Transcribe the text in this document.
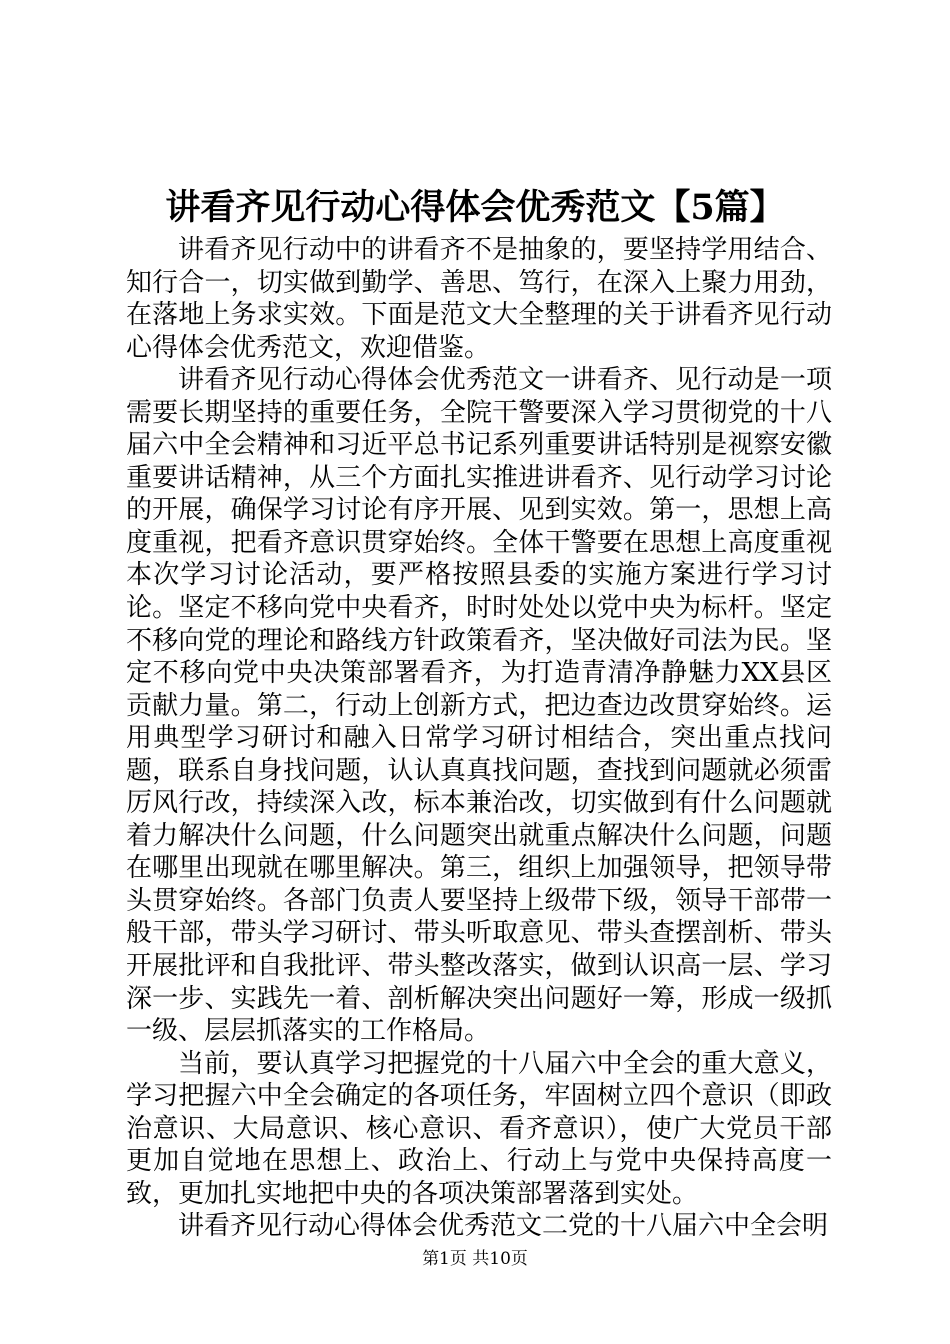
讲看齐见行动心得体会优秀范文【5篇】

讲看齐见行动中的讲看齐不是抽象的，要坚持学用结合、知行合一，切实做到勤学、善思、笃行，在深入上聚力用劲，在落地上务求实效。下面是范文大全整理的关于讲看齐见行动心得体会优秀范文，欢迎借鉴。

讲看齐见行动心得体会优秀范文一讲看齐、见行动是一项需要长期坚持的重要任务，全院干警要深入学习贯彻党的十八届六中全会精神和习近平总书记系列重要讲话特别是视察安徽重要讲话精神，从三个方面扎实推进讲看齐、见行动学习讨论的开展，确保学习讨论有序开展、见到实效。第一，思想上高度重视，把看齐意识贯穿始终。全体干警要在思想上高度重视本次学习讨论活动，要严格按照县委的实施方案进行学习讨论。坚定不移向党中央看齐，时时处处以党中央为标杆。坚定不移向党的理论和路线方针政策看齐，坚决做好司法为民。坚定不移向党中央决策部署看齐，为打造青清净静魅力XX县区贡献力量。第二，行动上创新方式，把边查边改贯穿始终。运用典型学习研讨和融入日常学习研讨相结合，突出重点找问题，联系自身找问题，认认真真找问题，查找到问题就必须雷厉风行改，持续深入改，标本兼治改，切实做到有什么问题就着力解决什么问题，什么问题突出就重点解决什么问题，问题在哪里出现就在哪里解决。第三，组织上加强领导，把领导带头贯穿始终。各部门负责人要坚持上级带下级，领导干部带一般干部，带头学习研讨、带头听取意见、带头查摆剖析、带头开展批评和自我批评、带头整改落实，做到认识高一层、学习深一步、实践先一着、剖析解决突出问题好一筹，形成一级抓一级、层层抓落实的工作格局。

当前，要认真学习把握党的十八届六中全会的重大意义，学习把握六中全会确定的各项任务，牢固树立四个意识（即政治意识、大局意识、核心意识、看齐意识），使广大党员干部更加自觉地在思想上、政治上、行动上与党中央保持高度一致，更加扎实地把中央的各项决策部署落到实处。

讲看齐见行动心得体会优秀范文二党的十八届六中全会明

第1页 共10页
